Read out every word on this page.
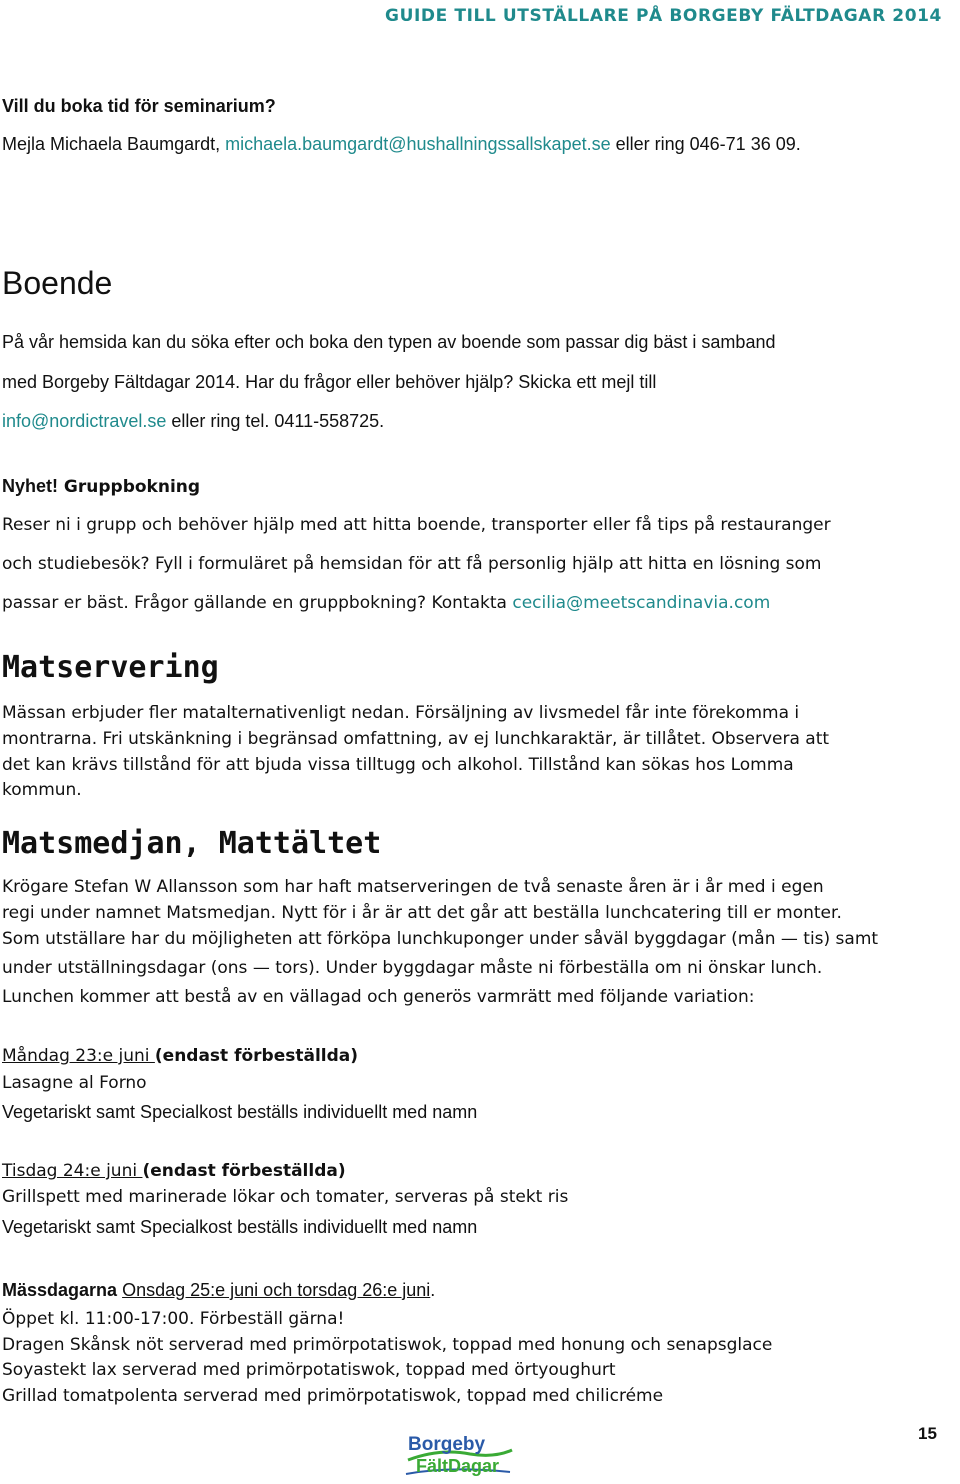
GUIDE TILL UTSTÄLLARE PÅ BORGEBY FÄLTDAGAR 2014
Vill du boka tid för seminarium?
Mejla Michaela Baumgardt, michaela.baumgardt@hushallningssallskapet.se eller ring 046-71 36 09.
Boende
På vår hemsida kan du söka efter och boka den typen av boende som passar dig bäst i samband
med Borgeby Fältdagar 2014. Har du frågor eller behöver hjälp? Skicka ett mejl till
info@nordictravel.se eller ring tel. 0411-558725.
Nyhet! Gruppbokning
Reser ni i grupp och behöver hjälp med att hitta boende, transporter eller få tips på restauranger
och studiebesök? Fyll i formuläret på hemsidan för att få personlig hjälp att hitta en lösning som
passar er bäst. Frågor gällande en gruppbokning? Kontakta cecilia@meetscandinavia.com
Matservering
Mässan erbjuder fler matalternativenligt nedan. Försäljning av livsmedel får inte förekomma i
montrarna. Fri utskänkning i begränsad omfattning, av ej lunchkaraktär, är tillåtet. Observera att
det kan krävs tillstånd för att bjuda vissa tilltugg och alkohol. Tillstånd kan sökas hos Lomma
kommun.
Matsmedjan, Mattältet
Krögare Stefan W Allansson som har haft matserveringen de två senaste åren är i år med i egen
regi under namnet Matsmedjan. Nytt för i år är att det går att beställa lunchcatering till er monter.
Som utställare har du möjligheten att förköpa lunchkuponger under såväl byggdagar (mån — tis) samt
under utställningsdagar (ons — tors). Under byggdagar måste ni förbeställa om ni önskar lunch.
Lunchen kommer att bestå av en vällagad och generös varmrätt med följande variation:
Måndag 23:e juni (endast förbeställda)
Lasagne al Forno
Vegetariskt samt Specialkost beställs individuellt med namn
Tisdag 24:e juni (endast förbeställda)
Grillspett med marinerade lökar och tomater, serveras på stekt ris
Vegetariskt samt Specialkost beställs individuellt med namn
Mässdagarna Onsdag 25:e juni och torsdag 26:e juni.
Öppet kl. 11:00-17:00. Förbeställ gärna!
Dragen Skånsk nöt serverad med primörpotatiswok, toppad med honung och senapsglace
Soyastekt lax serverad med primörpotatiswok, toppad med örtyoughurt
Grillad tomatpolenta serverad med primörpotatiswok, toppad med chilicréme
Borgeby
FältDagar
15
